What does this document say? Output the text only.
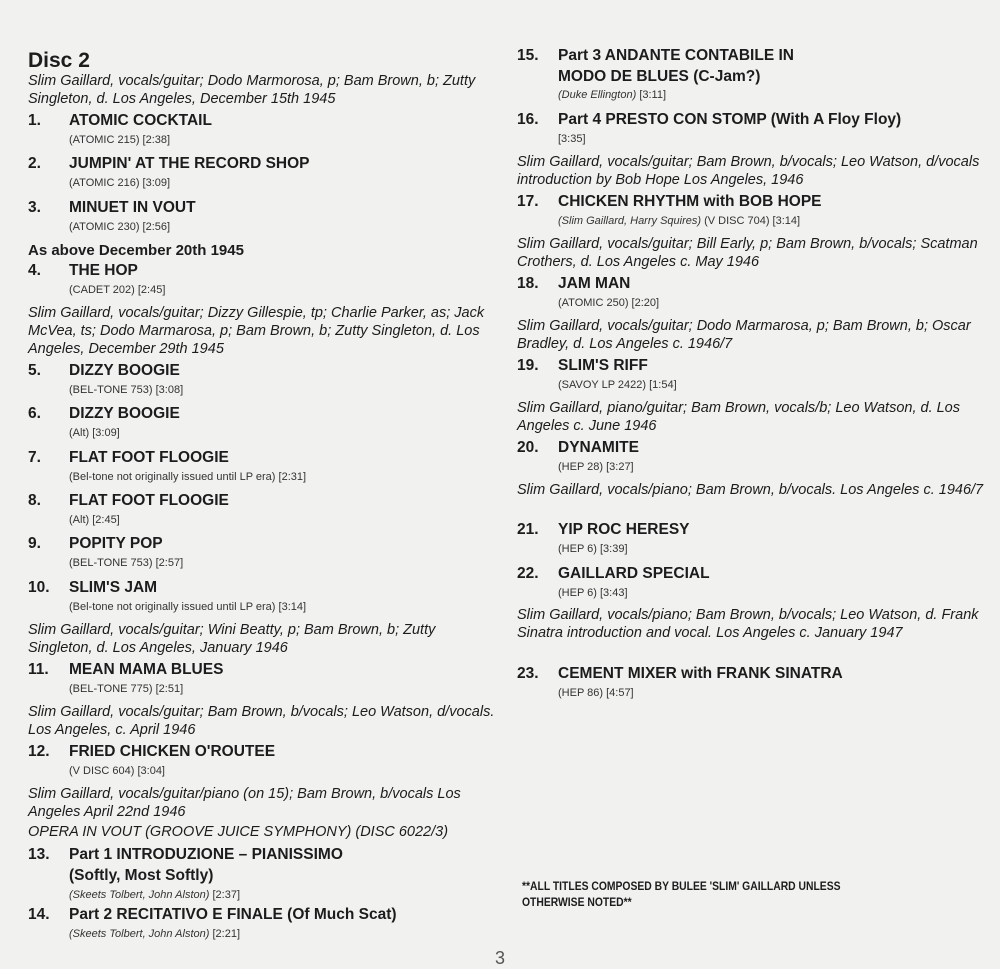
Disc 2
Slim Gaillard, vocals/guitar; Dodo Marmorosa, p; Bam Brown, b; Zutty Singleton, d. Los Angeles, December 15th 1945
1. ATOMIC COCKTAIL
(ATOMIC 215) [2:38]
2. JUMPIN' AT THE RECORD SHOP
(ATOMIC 216) [3:09]
3. MINUET IN VOUT
(ATOMIC 230) [2:56]
As above December 20th 1945
4. THE HOP
(CADET 202) [2:45]
Slim Gaillard, vocals/guitar; Dizzy Gillespie, tp; Charlie Parker, as; Jack McVea, ts; Dodo Marmarosa, p; Bam Brown, b; Zutty Singleton, d. Los Angeles, December 29th 1945
5. DIZZY BOOGIE
(BEL-TONE 753) [3:08]
6. DIZZY BOOGIE
(Alt) [3:09]
7. FLAT FOOT FLOOGIE
(Bel-tone not originally issued until LP era) [2:31]
8. FLAT FOOT FLOOGIE
(Alt) [2:45]
9. POPITY POP
(BEL-TONE 753) [2:57]
10. SLIM'S JAM
(Bel-tone not originally issued until LP era) [3:14]
Slim Gaillard, vocals/guitar; Wini Beatty, p; Bam Brown, b; Zutty Singleton, d. Los Angeles, January 1946
11. MEAN MAMA BLUES
(BEL-TONE 775) [2:51]
Slim Gaillard, vocals/guitar; Bam Brown, b/vocals; Leo Watson, d/vocals. Los Angeles, c. April 1946
12. FRIED CHICKEN O'ROUTEE
(V DISC 604) [3:04]
Slim Gaillard, vocals/guitar/piano (on 15); Bam Brown, b/vocals Los Angeles April 22nd 1946
OPERA IN VOUT (GROOVE JUICE SYMPHONY) (DISC 6022/3)
13. Part 1 INTRODUZIONE – PIANISSIMO
(Softly, Most Softly)
(Skeets Tolbert, John Alston) [2:37]
14. Part 2 RECITATIVO E FINALE (Of Much Scat)
(Skeets Tolbert, John Alston) [2:21]
15. Part 3 ANDANTE CONTABILE IN
MODO DE BLUES (C-Jam?)
(Duke Ellington) [3:11]
16. Part 4 PRESTO CON STOMP (With A Floy Floy)
[3:35]
Slim Gaillard, vocals/guitar; Bam Brown, b/vocals; Leo Watson, d/vocals introduction by Bob Hope Los Angeles, 1946
17. CHICKEN RHYTHM with BOB HOPE
(Slim Gaillard, Harry Squires) (V DISC 704) [3:14]
Slim Gaillard, vocals/guitar; Bill Early, p; Bam Brown, b/vocals; Scatman Crothers, d. Los Angeles c. May 1946
18. JAM MAN
(ATOMIC 250) [2:20]
Slim Gaillard, vocals/guitar; Dodo Marmarosa, p; Bam Brown, b; Oscar Bradley, d. Los Angeles c. 1946/7
19. SLIM'S RIFF
(SAVOY LP 2422) [1:54]
Slim Gaillard, piano/guitar; Bam Brown, vocals/b; Leo Watson, d. Los Angeles c. June 1946
20. DYNAMITE
(HEP 28) [3:27]
Slim Gaillard, vocals/piano; Bam Brown, b/vocals. Los Angeles c. 1946/7
21. YIP ROC HERESY
(HEP 6) [3:39]
22. GAILLARD SPECIAL
(HEP 6) [3:43]
Slim Gaillard, vocals/piano; Bam Brown, b/vocals; Leo Watson, d. Frank Sinatra introduction and vocal. Los Angeles c. January 1947
23. CEMENT MIXER with FRANK SINATRA
(HEP 86) [4:57]
**ALL TITLES COMPOSED BY BULEE 'SLIM' GAILLARD UNLESS OTHERWISE NOTED**
3
